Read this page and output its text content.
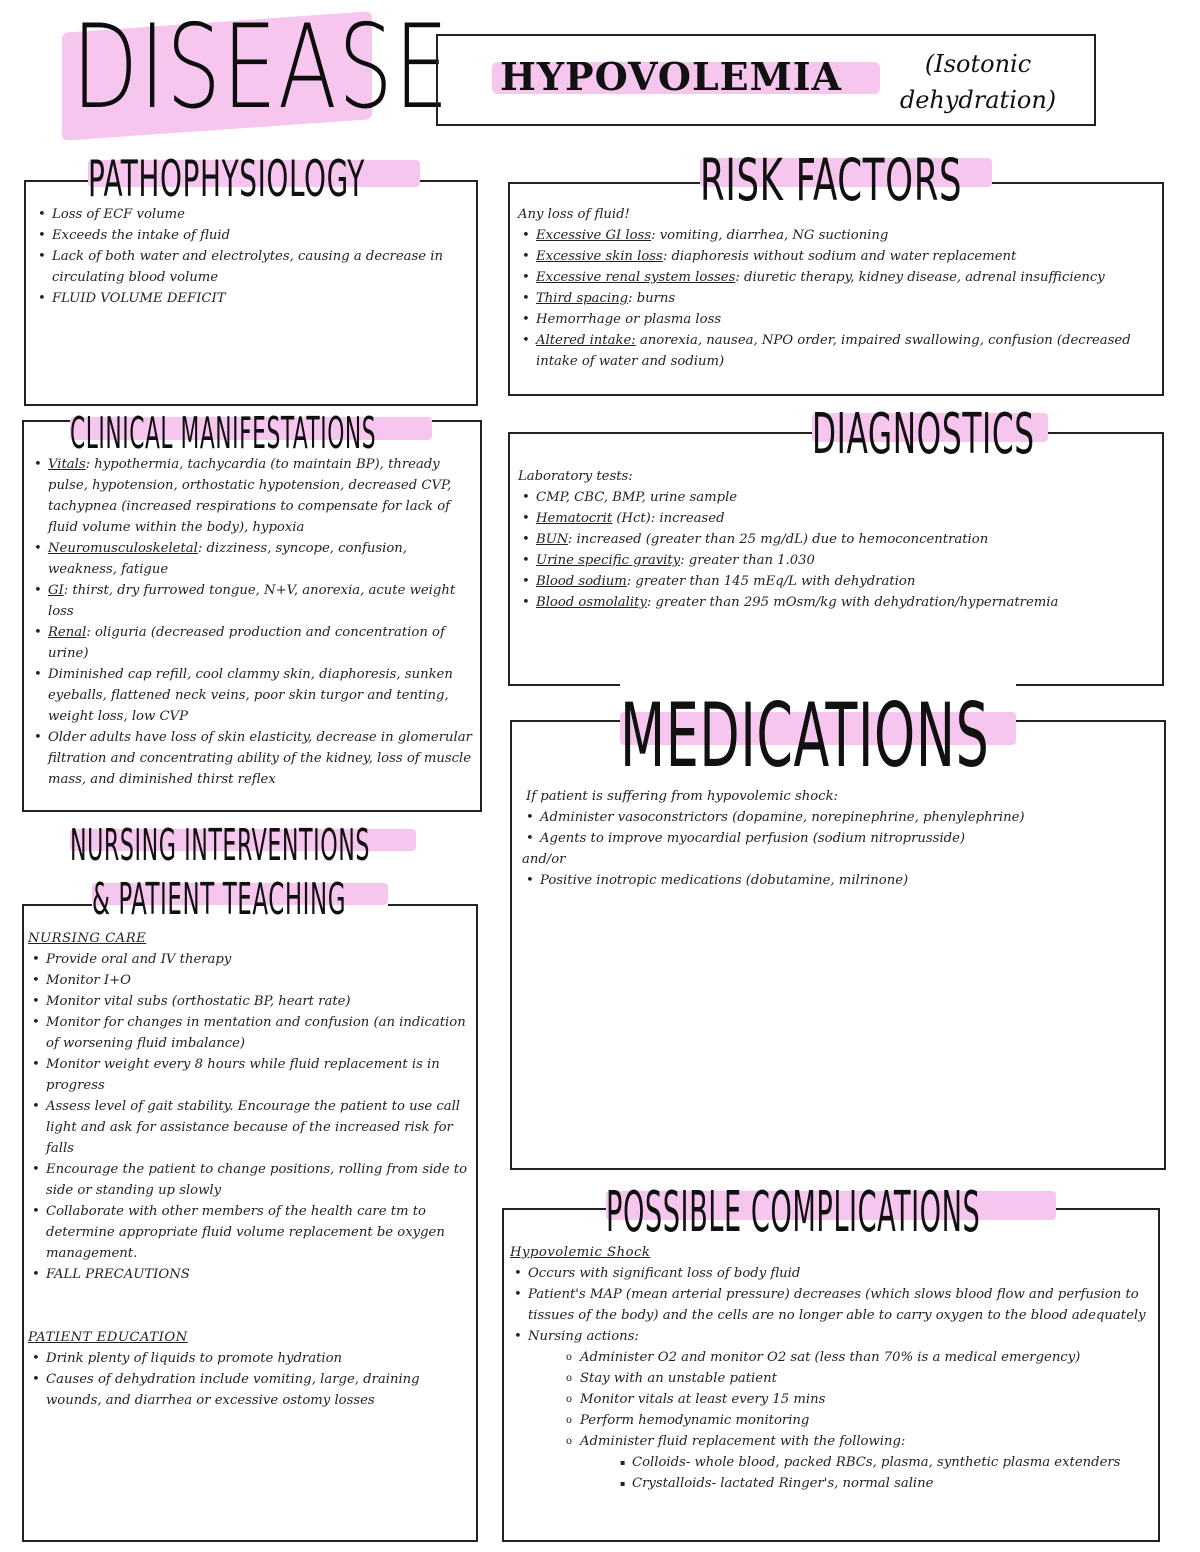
DISEASE HYPOVOLEMIA	(Isotonic dehydration)
PATHOPHYSIOLOGY
• Loss of ECF volume
• Exceeds the intake of fluid
• Lack of both water and electrolytes, causing a decrease in circulating blood volume
• FLUID VOLUME DEFICIT
RISK FACTORS
Any loss of fluid!
• Excessive GI loss: vomiting, diarrhea, NG suctioning
• Excessive skin loss: diaphoresis without sodium and water replacement
• Excessive renal system losses: diuretic therapy, kidney disease, adrenal insufficiency
• Third spacing: burns
• Hemorrhage or plasma loss
• Altered intake: anorexia, nausea, NPO order, impaired swallowing, confusion (decreased intake of water and sodium)
CLINICAL MANIFESTATIONS
• Vitals: hypothermia, tachycardia (to maintain BP), thready pulse, hypotension, orthostatic hypotension, decreased CVP, tachypnea (increased respirations to compensate for lack of fluid volume within the body), hypoxia
• Neuromusculoskeletal: dizziness, syncope, confusion, weakness, fatigue
• GI: thirst, dry furrowed tongue, N+V, anorexia, acute weight loss
• Renal: oliguria (decreased production and concentration of urine)
• Diminished cap refill, cool clammy skin, diaphoresis, sunken eyeballs, flattened neck veins, poor skin turgor and tenting, weight loss, low CVP
• Older adults have loss of skin elasticity, decrease in glomerular filtration and concentrating ability of the kidney, loss of muscle mass, and diminished thirst reflex
DIAGNOSTICS
Laboratory tests:
• CMP, CBC, BMP, urine sample
• Hematocrit (Hct): increased
• BUN: increased (greater than 25 mg/dL) due to hemoconcentration
• Urine specific gravity: greater than 1.030
• Blood sodium: greater than 145 mEq/L with dehydration
• Blood osmolality: greater than 295 mOsm/kg with dehydration/hypernatremia
MEDICATIONS
If patient is suffering from hypovolemic shock:
• Administer vasoconstrictors (dopamine, norepinephrine, phenylephrine)
• Agents to improve myocardial perfusion (sodium nitroprusside)
and/or
• Positive inotropic medications (dobutamine, milrinone)
NURSING INTERVENTIONS
& PATIENT TEACHING
NURSING CARE
• Provide oral and IV therapy
• Monitor I+O
• Monitor vital subs (orthostatic BP, heart rate)
• Monitor for changes in mentation and confusion (an indication of worsening fluid imbalance)
• Monitor weight every 8 hours while fluid replacement is in progress
• Assess level of gait stability. Encourage the patient to use call light and ask for assistance because of the increased risk for falls
• Encourage the patient to change positions, rolling from side to side or standing up slowly
• Collaborate with other members of the health care tm to determine appropriate fluid volume replacement be oxygen management.
• FALL PRECAUTIONS
PATIENT EDUCATION
• Drink plenty of liquids to promote hydration
• Causes of dehydration include vomiting, large, draining wounds, and diarrhea or excessive ostomy losses
POSSIBLE COMPLICATIONS
Hypovolemic Shock
• Occurs with significant loss of body fluid
• Patient's MAP (mean arterial pressure) decreases (which slows blood flow and perfusion to tissues of the body) and the cells are no longer able to carry oxygen to the blood adequately
• Nursing actions:
o Administer O2 and monitor O2 sat (less than 70% is a medical emergency)
o Stay with an unstable patient
o Monitor vitals at least every 15 mins
o Perform hemodynamic monitoring
o Administer fluid replacement with the following:
▪ Colloids- whole blood, packed RBCs, plasma, synthetic plasma extenders
▪ Crystalloids- lactated Ringer's, normal saline
